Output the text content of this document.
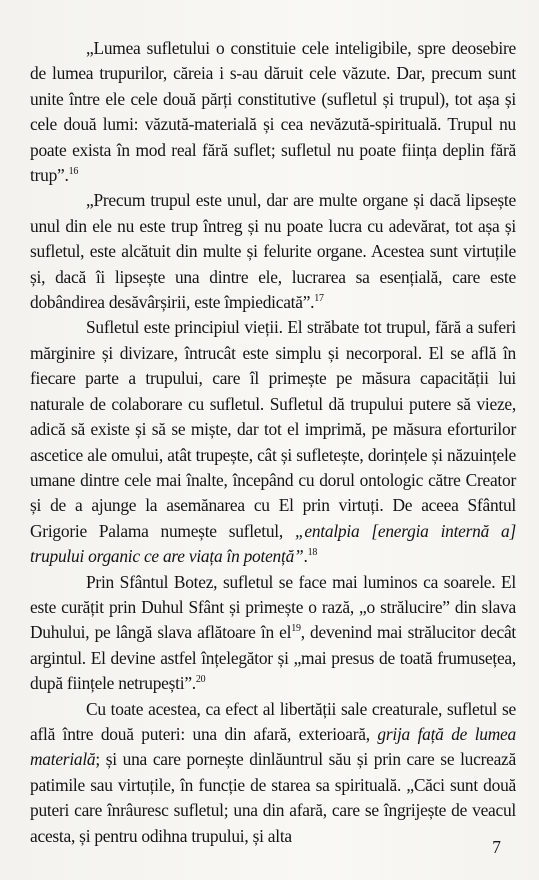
„Lumea sufletului o constituie cele inteligibile, spre deosebire de lumea trupurilor, căreia i s-au dăruit cele văzute. Dar, precum sunt unite între ele cele două părți constitutive (sufletul și trupul), tot așa și cele două lumi: văzută-materială și cea nevăzută-spirituală. Trupul nu poate exista în mod real fără suflet; sufletul nu poate ființa deplin fără trup”.$^{16}$

„Precum trupul este unul, dar are multe organe și dacă lipsește unul din ele nu este trup întreg și nu poate lucra cu adevărat, tot așa și sufletul, este alcătuit din multe și felurite organe. Acestea sunt virtuțile și, dacă îi lipsește una dintre ele, lucrarea sa esențială, care este dobândirea desăvârșirii, este împiedicată”.$^{17}$

Sufletul este principiul vieții. El străbate tot trupul, fără a suferi mărginire și divizare, întrucât este simplu și necorporal. El se află în fiecare parte a trupului, care îl primește pe măsura capacității lui naturale de colaborare cu sufletul. Sufletul dă trupului putere să vieze, adică să existe și să se miște, dar tot el imprimă, pe măsura eforturilor ascetice ale omului, atât trupește, cât și sufletește, dorințele și năzuințele umane dintre cele mai înalte, începând cu dorul ontologic către Creator și de a ajunge la asemănarea cu El prin virtuți. De aceea Sfântul Grigorie Palama numește sufletul, „entalpia [energia internă a] trupului organic ce are viața în potență”.$^{18}$

Prin Sfântul Botez, sufletul se face mai luminos ca soarele. El este curățit prin Duhul Sfânt și primește o rază, „o strălucire” din slava Duhului, pe lângă slava aflătoare în el$^{19}$, devenind mai strălucitor decât argintul. El devine astfel înțelegător și „mai presus de toată frumusețea, după ființele netrupești”.$^{20}$

Cu toate acestea, ca efect al libertății sale creaturale, sufletul se află între două puteri: una din afară, exterioară, grija față de lumea materială; și una care pornește dinlăuntrul său și prin care se lucrează patimile sau virtuțile, în funcție de starea sa spirituală. „Căci sunt două puteri care înrâuresc sufletul; una din afară, care se îngrijește de veacul acesta, și pentru odihna trupului, și alta

7
